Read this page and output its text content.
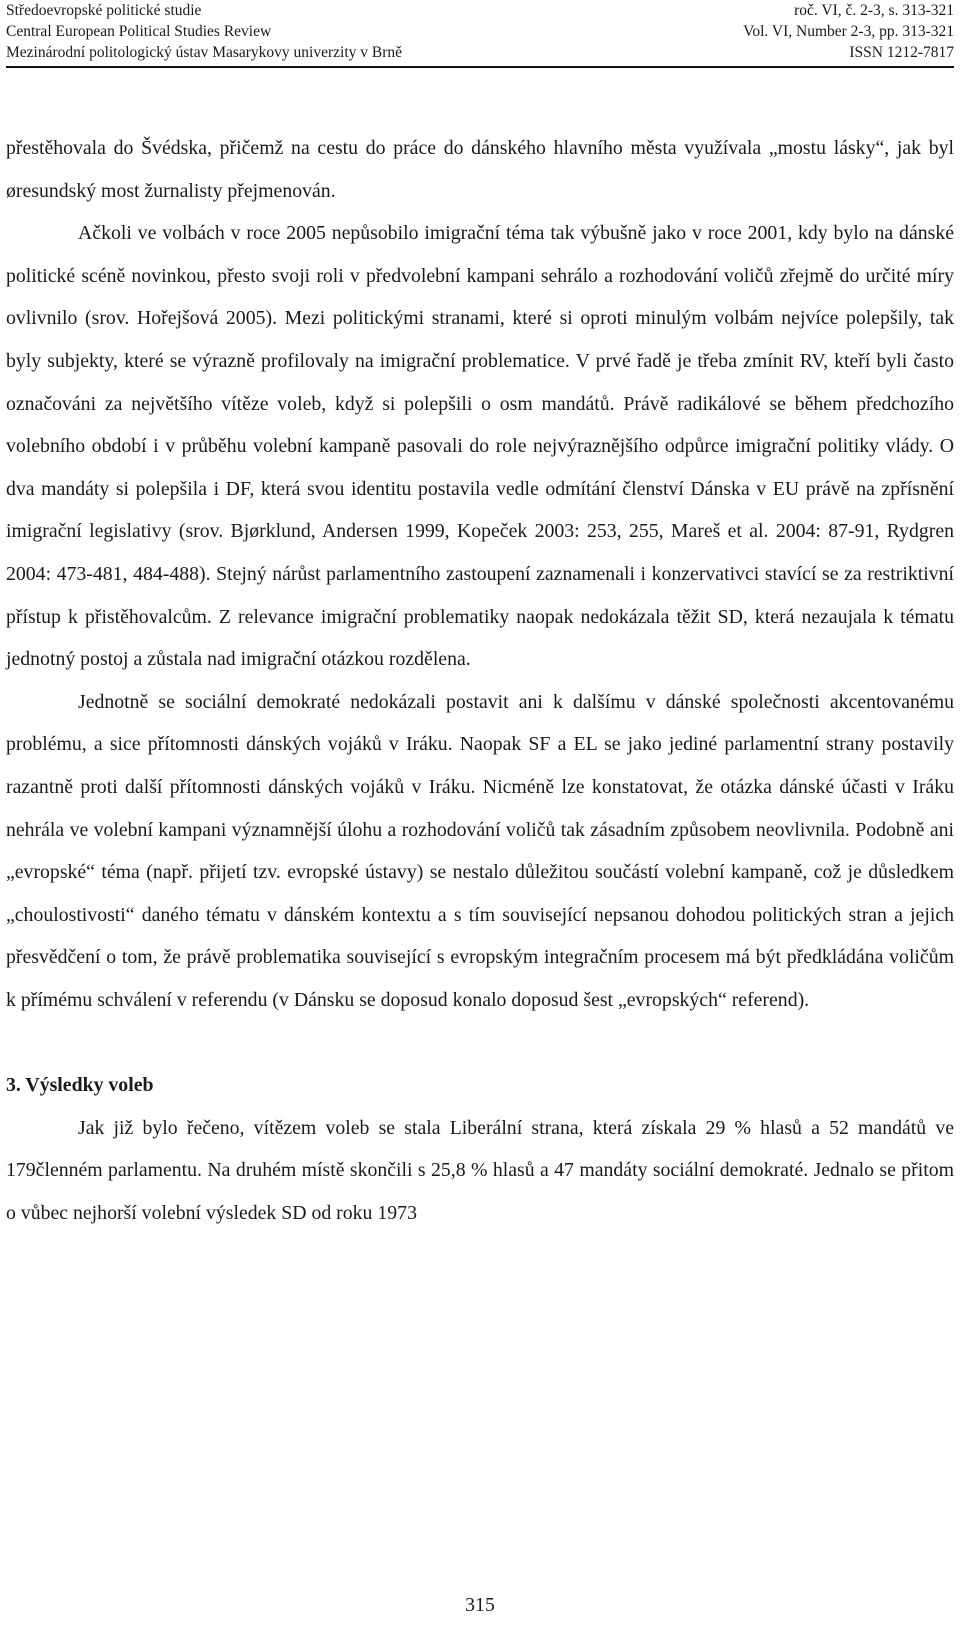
Středoevropské politické studie	roč. VI, č. 2-3, s. 313-321
Central European Political Studies Review	Vol. VI, Number 2-3, pp. 313-321
Mezinárodní politologický ústav Masarykovy univerzity v Brně	ISSN 1212-7817

přestěhovala do Švédska, přičemž na cestu do práce do dánského hlavního města využívala „mostu lásky“, jak byl øresundský most žurnalisty přejmenován.

Ačkoli ve volbách v roce 2005 nepůsobilo imigrační téma tak výbušně jako v roce 2001, kdy bylo na dánské politické scéně novinkou, přesto svoji roli v předvolební kampani sehrálo a rozhodování voličů zřejmě do určité míry ovlivnilo (srov. Hořejšová 2005). Mezi politickými stranami, které si oproti minulým volbám nejvíce polepšily, tak byly subjekty, které se výrazně profilovaly na imigrační problematice. V prvé řadě je třeba zmínit RV, kteří byli často označováni za největšího vítěze voleb, když si polepšili o osm mandátů. Právě radikálové se během předchozího volebního období i v průběhu volební kampaně pasovali do role nejvýraznějšího odpůrce imigrační politiky vlády. O dva mandáty si polepšila i DF, která svou identitu postavila vedle odmítání členství Dánska v EU právě na zpřísnění imigrační legislativy (srov. Bjørklund, Andersen 1999, Kopeček 2003: 253, 255, Mareš et al. 2004: 87-91, Rydgren 2004: 473-481, 484-488). Stejný nárůst parlamentního zastoupení zaznamenali i konzervativci stavící se za restriktivní přístup k přistěhovalcům. Z relevance imigrační problematiky naopak nedokázala těžit SD, která nezaujala k tématu jednotný postoj a zůstala nad imigrační otázkou rozdělena.

Jednotně se sociální demokraté nedokázali postavit ani k dalšímu v dánské společnosti akcentovanému problému, a sice přítomnosti dánských vojáků v Iráku. Naopak SF a EL se jako jediné parlamentní strany postavily razantně proti další přítomnosti dánských vojáků v Iráku. Nicméně lze konstatovat, že otázka dánské účasti v Iráku nehrála ve volební kampani významnější úlohu a rozhodování voličů tak zásadním způsobem neovlivnila. Podobně ani „evropské“ téma (např. přijetí tzv. evropské ústavy) se nestalo důležitou součástí volební kampaně, což je důsledkem „choulostivosti“ daného tématu v dánském kontextu a s tím související nepsanou dohodou politických stran a jejich přesvědčení o tom, že právě problematika související s evropským integračním procesem má být předkládána voličům k přímému schválení v referendu (v Dánsku se doposud konalo doposud šest „evropských“ referend).

3. Výsledky voleb

Jak již bylo řečeno, vítězem voleb se stala Liberální strana, která získala 29 % hlasů a 52 mandátů ve 179členném parlamentu. Na druhém místě skončili s 25,8 % hlasů a 47 mandáty sociální demokraté. Jednalo se přitom o vůbec nejhorší volební výsledek SD od roku 1973

315
